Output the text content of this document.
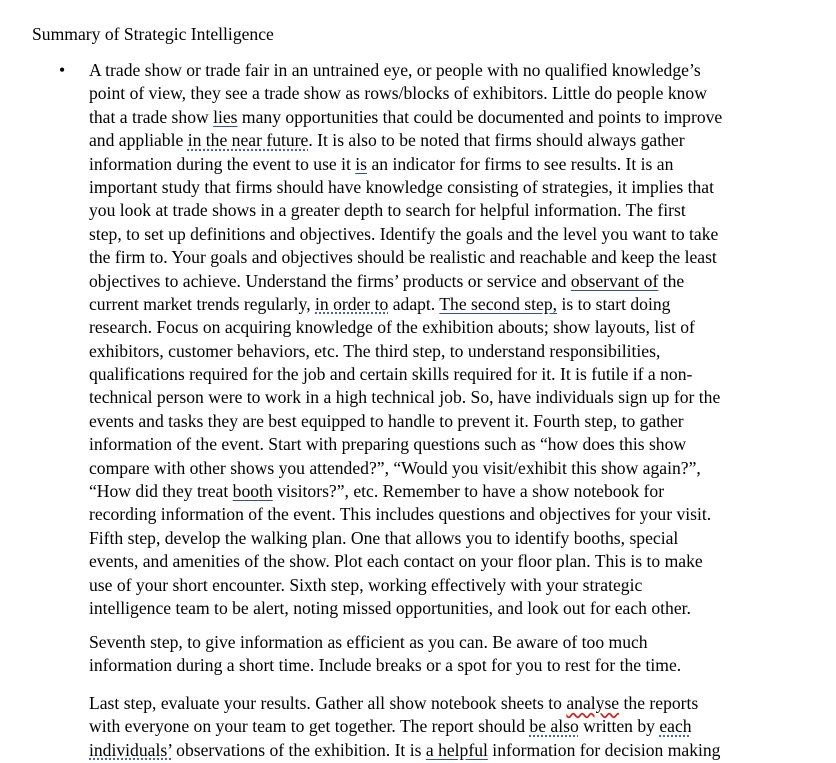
Summary of Strategic Intelligence
• A trade show or trade fair in an untrained eye, or people with no qualified knowledge’s
point of view, they see a trade show as rows/blocks of exhibitors. Little do people know
that a trade show lies many opportunities that could be documented and points to improve
and appliable in the near future. It is also to be noted that firms should always gather
information during the event to use it is an indicator for firms to see results. It is an
important study that firms should have knowledge consisting of strategies, it implies that
you look at trade shows in a greater depth to search for helpful information. The first
step, to set up definitions and objectives. Identify the goals and the level you want to take
the firm to. Your goals and objectives should be realistic and reachable and keep the least
objectives to achieve. Understand the firms’ products or service and observant of the
current market trends regularly, in order to adapt. The second step, is to start doing
research. Focus on acquiring knowledge of the exhibition abouts; show layouts, list of
exhibitors, customer behaviors, etc. The third step, to understand responsibilities,
qualifications required for the job and certain skills required for it. It is futile if a non-
technical person were to work in a high technical job. So, have individuals sign up for the
events and tasks they are best equipped to handle to prevent it. Fourth step, to gather
information of the event. Start with preparing questions such as “how does this show
compare with other shows you attended?”, “Would you visit/exhibit this show again?”,
“How did they treat booth visitors?”, etc. Remember to have a show notebook for
recording information of the event. This includes questions and objectives for your visit.
Fifth step, develop the walking plan. One that allows you to identify booths, special
events, and amenities of the show. Plot each contact on your floor plan. This is to make
use of your short encounter. Sixth step, working effectively with your strategic
intelligence team to be alert, noting missed opportunities, and look out for each other.
Seventh step, to give information as efficient as you can. Be aware of too much
information during a short time. Include breaks or a spot for you to rest for the time.
Last step, evaluate your results. Gather all show notebook sheets to analyse the reports
with everyone on your team to get together. The report should be also written by each
individuals’ observations of the exhibition. It is a helpful information for decision making
